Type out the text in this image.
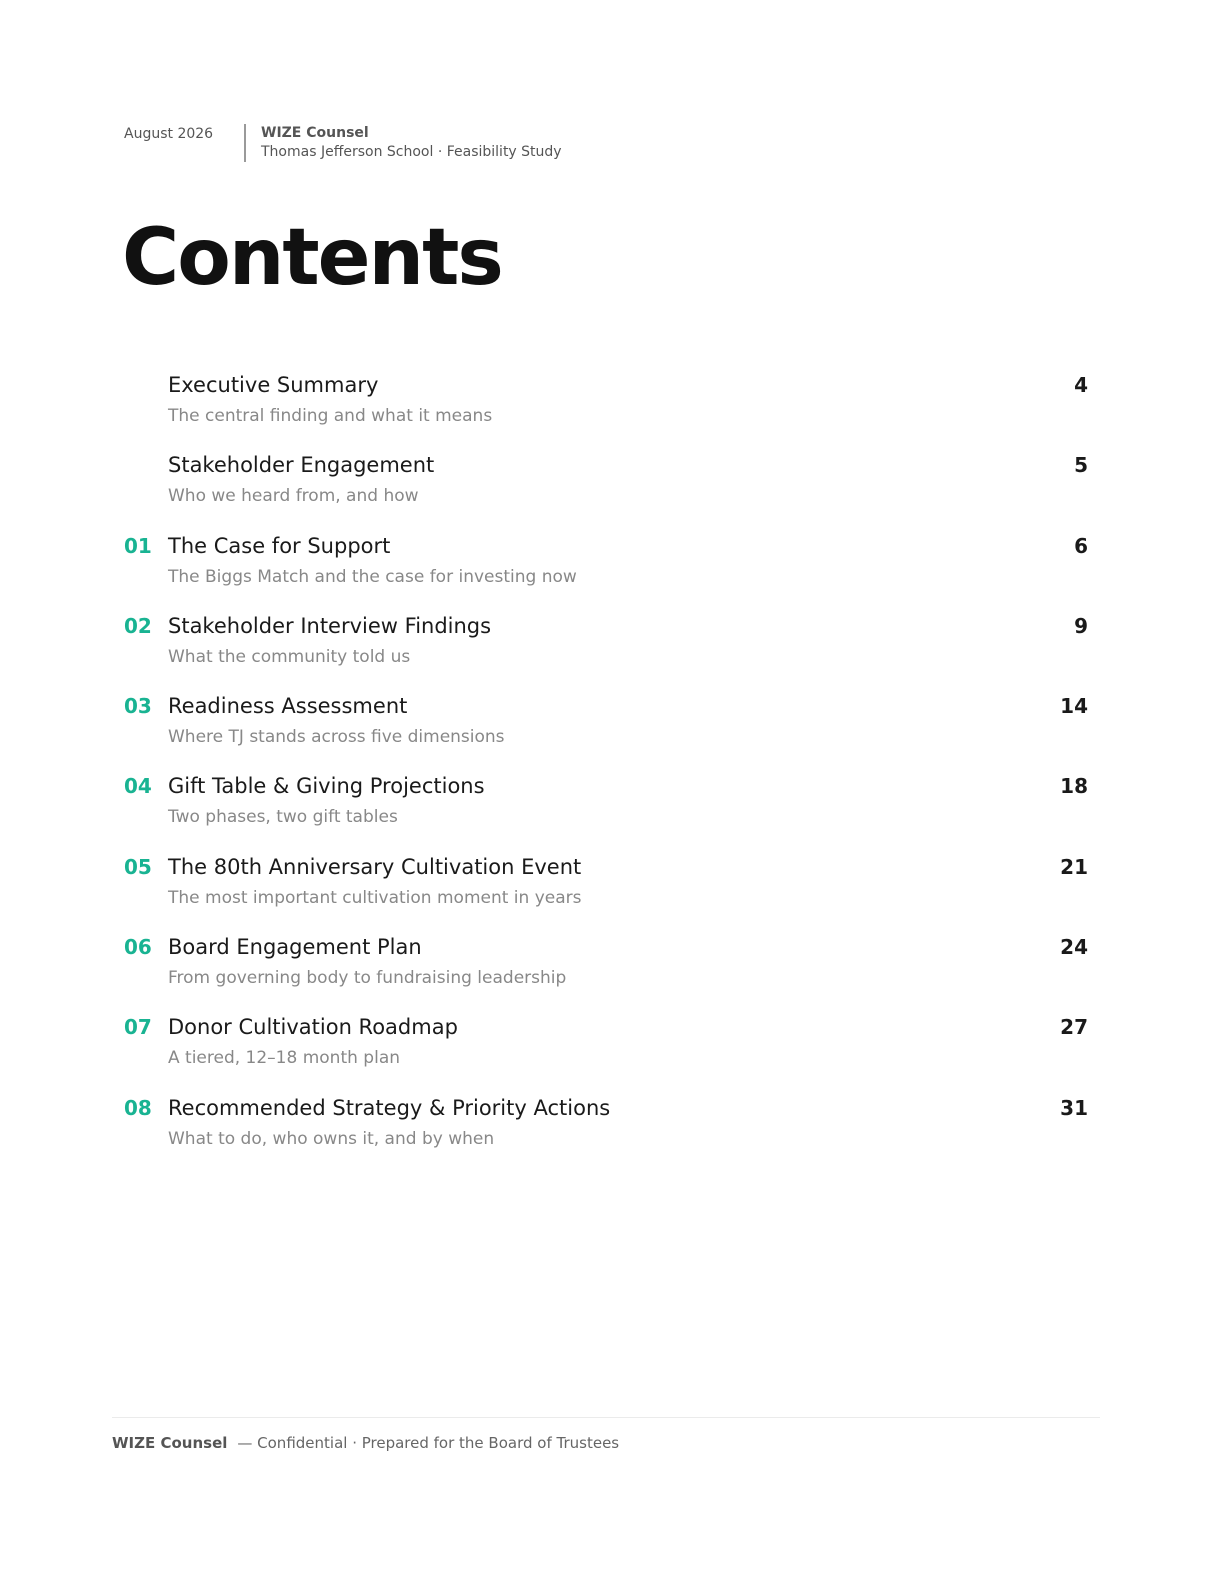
August 2026	WIZE Counsel
Thomas Jefferson School · Feasibility Study
Contents
Executive Summary
The central finding and what it means
4
Stakeholder Engagement
Who we heard from, and how
5
01 The Case for Support
The Biggs Match and the case for investing now
6
02 Stakeholder Interview Findings
What the community told us
9
03 Readiness Assessment
Where TJ stands across five dimensions
14
04 Gift Table & Giving Projections
Two phases, two gift tables
18
05 The 80th Anniversary Cultivation Event
The most important cultivation moment in years
21
06 Board Engagement Plan
From governing body to fundraising leadership
24
07 Donor Cultivation Roadmap
A tiered, 12–18 month plan
27
08 Recommended Strategy & Priority Actions
What to do, who owns it, and by when
31
WIZE Counsel — Confidential · Prepared for the Board of Trustees
